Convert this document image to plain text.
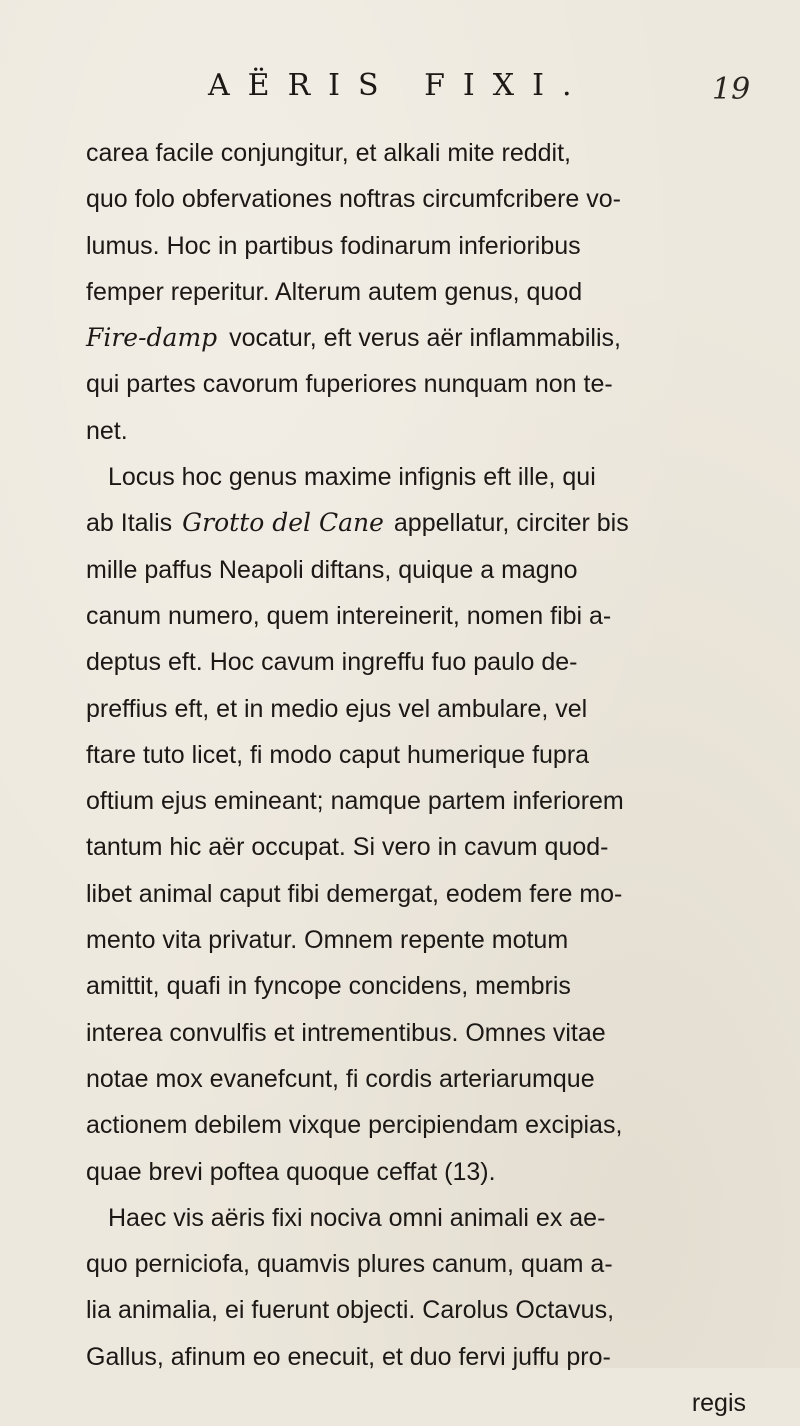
AËRIS FIXI.	19
carea facile conjungitur, et alkali mite reddit,
quo folo obfervationes noftras circumfcribere vo-
lumus. Hoc in partibus fodinarum inferioribus
femper reperitur. Alterum autem genus, quod
Fire-damp vocatur, eft verus aër inflammabilis,
qui partes cavorum fuperiores nunquam non te-
net.
Locus hoc genus maxime infignis eft ille, qui
ab Italis Grotto del Cane appellatur, circiter bis
mille paffus Neapoli diftans, quique a magno
canum numero, quem intereinerit, nomen fibi a-
deptus eft. Hoc cavum ingreffu fuo paulo de-
preffius eft, et in medio ejus vel ambulare, vel
ftare tuto licet, fi modo caput humerique fupra
oftium ejus emineant; namque partem inferiorem
tantum hic aër occupat. Si vero in cavum quod-
libet animal caput fibi demergat, eodem fere mo-
mento vita privatur. Omnem repente motum
amittit, quafi in fyncope concidens, membris
interea convulfis et intrementibus. Omnes vitae
notae mox evanefcunt, fi cordis arteriarumque
actionem debilem vixque percipiendam excipias,
quae brevi poftea quoque ceffat (13).
Haec vis aëris fixi nociva omni animali ex ae-
quo perniciofa, quamvis plures canum, quam a-
lia animalia, ei fuerunt objecti. Carolus Octavus,
Gallus, afinum eo enecuit, et duo fervi juffu pro-
regis
